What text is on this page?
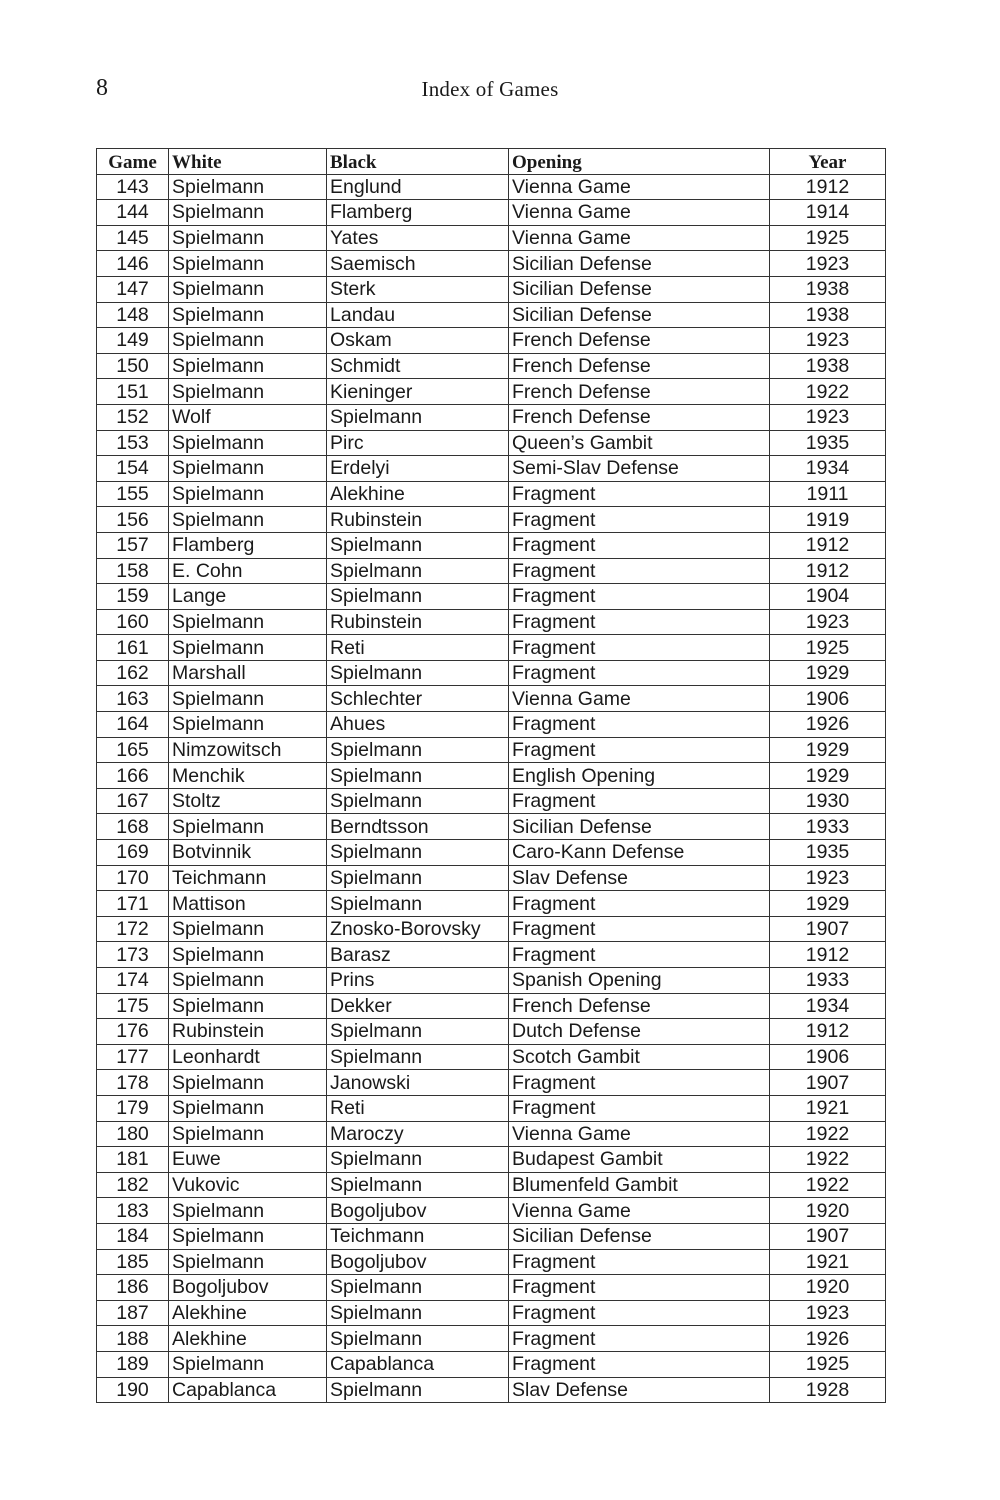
8	Index of Games
Game	White	Black	Opening	Year
143	Spielmann	Englund	Vienna Game	1912
144	Spielmann	Flamberg	Vienna Game	1914
145	Spielmann	Yates	Vienna Game	1925
146	Spielmann	Saemisch	Sicilian Defense	1923
147	Spielmann	Sterk	Sicilian Defense	1938
148	Spielmann	Landau	Sicilian Defense	1938
149	Spielmann	Oskam	French Defense	1923
150	Spielmann	Schmidt	French Defense	1938
151	Spielmann	Kieninger	French Defense	1922
152	Wolf	Spielmann	French Defense	1923
153	Spielmann	Pirc	Queen’s Gambit	1935
154	Spielmann	Erdelyi	Semi-Slav Defense	1934
155	Spielmann	Alekhine	Fragment	1911
156	Spielmann	Rubinstein	Fragment	1919
157	Flamberg	Spielmann	Fragment	1912
158	E. Cohn	Spielmann	Fragment	1912
159	Lange	Spielmann	Fragment	1904
160	Spielmann	Rubinstein	Fragment	1923
161	Spielmann	Reti	Fragment	1925
162	Marshall	Spielmann	Fragment	1929
163	Spielmann	Schlechter	Vienna Game	1906
164	Spielmann	Ahues	Fragment	1926
165	Nimzowitsch	Spielmann	Fragment	1929
166	Menchik	Spielmann	English Opening	1929
167	Stoltz	Spielmann	Fragment	1930
168	Spielmann	Berndtsson	Sicilian Defense	1933
169	Botvinnik	Spielmann	Caro-Kann Defense	1935
170	Teichmann	Spielmann	Slav Defense	1923
171	Mattison	Spielmann	Fragment	1929
172	Spielmann	Znosko-Borovsky	Fragment	1907
173	Spielmann	Barasz	Fragment	1912
174	Spielmann	Prins	Spanish Opening	1933
175	Spielmann	Dekker	French Defense	1934
176	Rubinstein	Spielmann	Dutch Defense	1912
177	Leonhardt	Spielmann	Scotch Gambit	1906
178	Spielmann	Janowski	Fragment	1907
179	Spielmann	Reti	Fragment	1921
180	Spielmann	Maroczy	Vienna Game	1922
181	Euwe	Spielmann	Budapest Gambit	1922
182	Vukovic	Spielmann	Blumenfeld Gambit	1922
183	Spielmann	Bogoljubov	Vienna Game	1920
184	Spielmann	Teichmann	Sicilian Defense	1907
185	Spielmann	Bogoljubov	Fragment	1921
186	Bogoljubov	Spielmann	Fragment	1920
187	Alekhine	Spielmann	Fragment	1923
188	Alekhine	Spielmann	Fragment	1926
189	Spielmann	Capablanca	Fragment	1925
190	Capablanca	Spielmann	Slav Defense	1928
